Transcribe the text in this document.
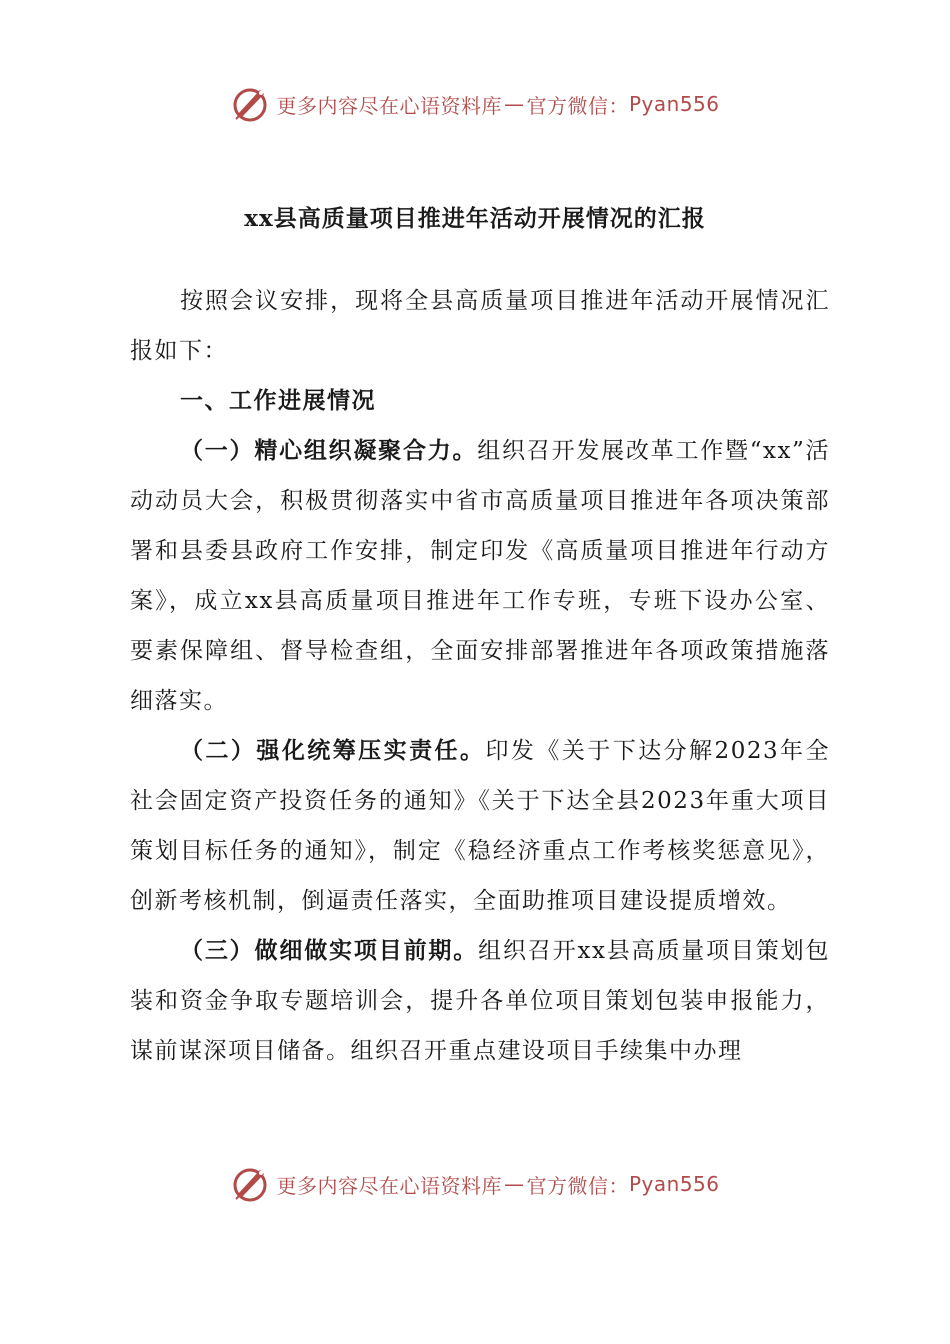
更多内容尽在心语资料库 — 官方微信： Pyan556
xx县高质量项目推进年活动开展情况的汇报

按照会议安排，现将全县高质量项目推进年活动开展情况汇报如下：

一、工作进展情况

（一）精心组织凝聚合力。组织召开发展改革工作暨“xx”活动动员大会，积极贯彻落实中省市高质量项目推进年各项决策部署和县委县政府工作安排，制定印发《高质量项目推进年行动方案》，成立xx县高质量项目推进年工作专班，专班下设办公室、要素保障组、督导检查组，全面安排部署推进年各项政策措施落细落实。

（二）强化统筹压实责任。印发《关于下达分解2023年全社会固定资产投资任务的通知》《关于下达全县2023年重大项目策划目标任务的通知》，制定《稳经济重点工作考核奖惩意见》，创新考核机制，倒逼责任落实，全面助推项目建设提质增效。

（三）做细做实项目前期。组织召开xx县高质量项目策划包装和资金争取专题培训会，提升各单位项目策划包装申报能力，谋前谋深项目储备。组织召开重点建设项目手续集中办理

更多内容尽在心语资料库 — 官方微信： Pyan556
